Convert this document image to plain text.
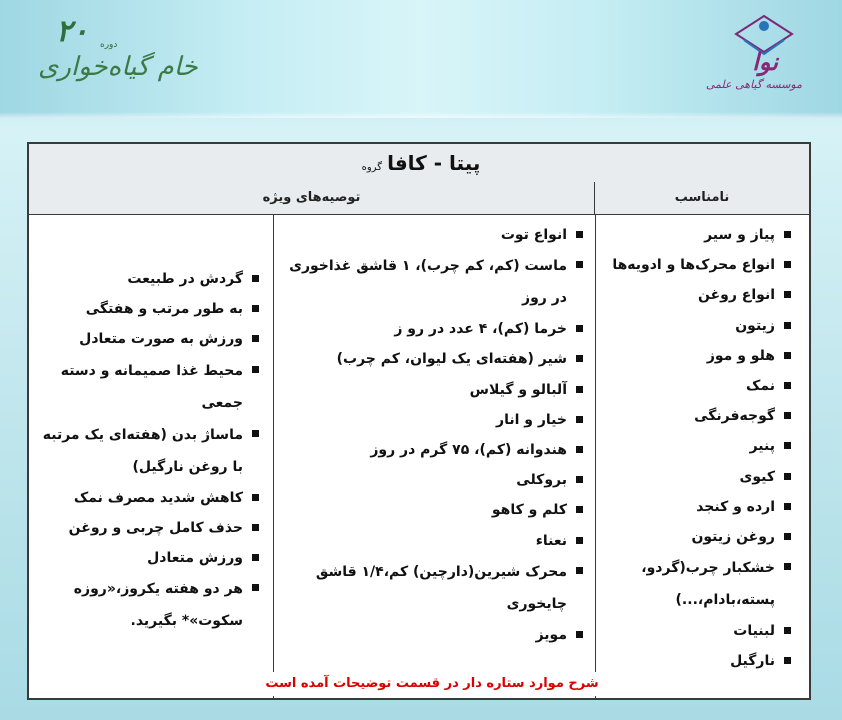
۲۰ دوره
خام گیاه‌خواری	نوا
موسسه گیاهی علمی
پیتا - کافا گروه
توصیه‌های ویژه	نامناسب
پیاز و سیر
انواع محرک‌ها و ادویه‌ها
انواع روغن
زیتون
هلو و موز
نمک
گوجه‌فرنگی
پنیر
کیوی
ارده و کنجد
روغن زیتون
خشکبار چرب(گردو، پسته،بادام،...)
لبنیات
نارگیل
انواع توت
ماست (کم، کم چرب)، ۱ قاشق غذاخوری در روز
خرما (کم)، ۴ عدد در رو ز
شیر (هفته‌ای یک لیوان، کم چرب)
آلبالو و گیلاس
خیار و انار
هندوانه (کم)، ۷۵ گرم در روز
بروکلی
کلم و کاهو
نعناء
محرک شیرین(دارچین) کم،۱/۴ قاشق چایخوری
مویز
گردش در طبیعت
به طور مرتب و هفتگی
ورزش به صورت متعادل
محیط غذا صمیمانه و دسته جمعی
ماساژ بدن (هفته‌ای یک مرتبه با روغن نارگیل)
کاهش شدید مصرف نمک
حذف کامل چربی و روغن
ورزش متعادل
هر دو هفته یکروز،«روزه سکوت»* بگیرید.
شرح موارد ستاره دار در قسمت توضیحات آمده است
